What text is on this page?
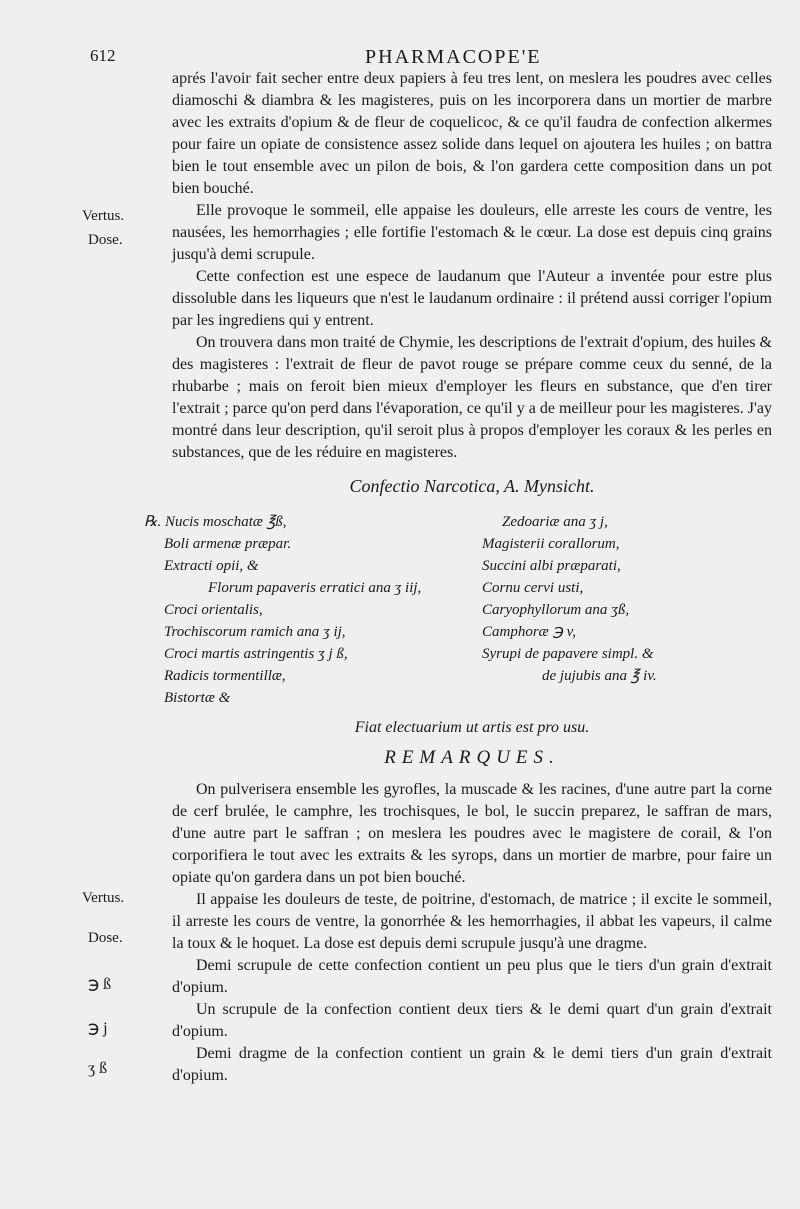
612	PHARMACOPE'E
Vertus.
Dose.
Vertus.
Dose.
℈ ß
℈ j
ʒ ß

aprés l'avoir fait secher entre deux papiers à feu tres lent, on meslera les poudres avec celles diamoschi & diambra & les magisteres, puis on les incorporera dans un mortier de marbre avec les extraits d'opium & de fleur de coquelicoc, & ce qu'il faudra de confection alkermes pour faire un opiate de consistence assez solide dans lequel on ajoutera les huiles ; on battra bien le tout ensemble avec un pilon de bois, & l'on gardera cette composition dans un pot bien bouché.

Elle provoque le sommeil, elle appaise les douleurs, elle arreste les cours de ventre, les nausées, les hemorrhagies ; elle fortifie l'estomach & le cœur. La dose est depuis cinq grains jusqu'à demi scrupule.

Cette confection est une espece de laudanum que l'Auteur a inventée pour estre plus dissoluble dans les liqueurs que n'est le laudanum ordinaire : il prétend aussi corriger l'opium par les ingrediens qui y entrent.

On trouvera dans mon traité de Chymie, les descriptions de l'extrait d'opium, des huiles & des magisteres : l'extrait de fleur de pavot rouge se prépare comme ceux du senné, de la rhubarbe ; mais on feroit bien mieux d'employer les fleurs en substance, que d'en tirer l'extrait ; parce qu'on perd dans l'évaporation, ce qu'il y a de meilleur pour les magisteres. J'ay montré dans leur description, qu'il seroit plus à propos d'employer les coraux & les perles en substances, que de les réduire en magisteres.

Confectio Narcotica, A. Mynsicht.
℞. Nucis moschatæ ℥ß,
Boli armenæ præpar.
Extracti opii, &
Florum papaveris erratici ana ʒ iij,
Croci orientalis,
Trochiscorum ramich ana ʒ ij,
Croci martis astringentis ʒ j ß,
Radicis tormentillæ,
Bistortæ &
Zedoariæ ana ʒ j,
Magisterii corallorum,
Succini albi præparati,
Cornu cervi usti,
Caryophyllorum ana ʒß,
Camphoræ ℈ v,
Syrupi de papavere simpl. &
de jujubis ana ℥ iv.
Fiat electuarium ut artis est pro usu.
REMARQUES.

On pulverisera ensemble les gyrofles, la muscade & les racines, d'une autre part la corne de cerf brulée, le camphre, les trochisques, le bol, le succin preparez, le saffran de mars, d'une autre part le saffran ; on meslera les poudres avec le magistere de corail, & l'on corporifiera le tout avec les extraits & les syrops, dans un mortier de marbre, pour faire un opiate qu'on gardera dans un pot bien bouché.

Il appaise les douleurs de teste, de poitrine, d'estomach, de matrice ; il excite le sommeil, il arreste les cours de ventre, la gonorrhée & les hemorrhagies, il abbat les vapeurs, il calme la toux & le hoquet. La dose est depuis demi scrupule jusqu'à une dragme.

Demi scrupule de cette confection contient un peu plus que le tiers d'un grain d'extrait d'opium.

Un scrupule de la confection contient deux tiers & le demi quart d'un grain d'extrait d'opium.

Demi dragme de la confection contient un grain & le demi tiers d'un grain d'extrait d'opium.
